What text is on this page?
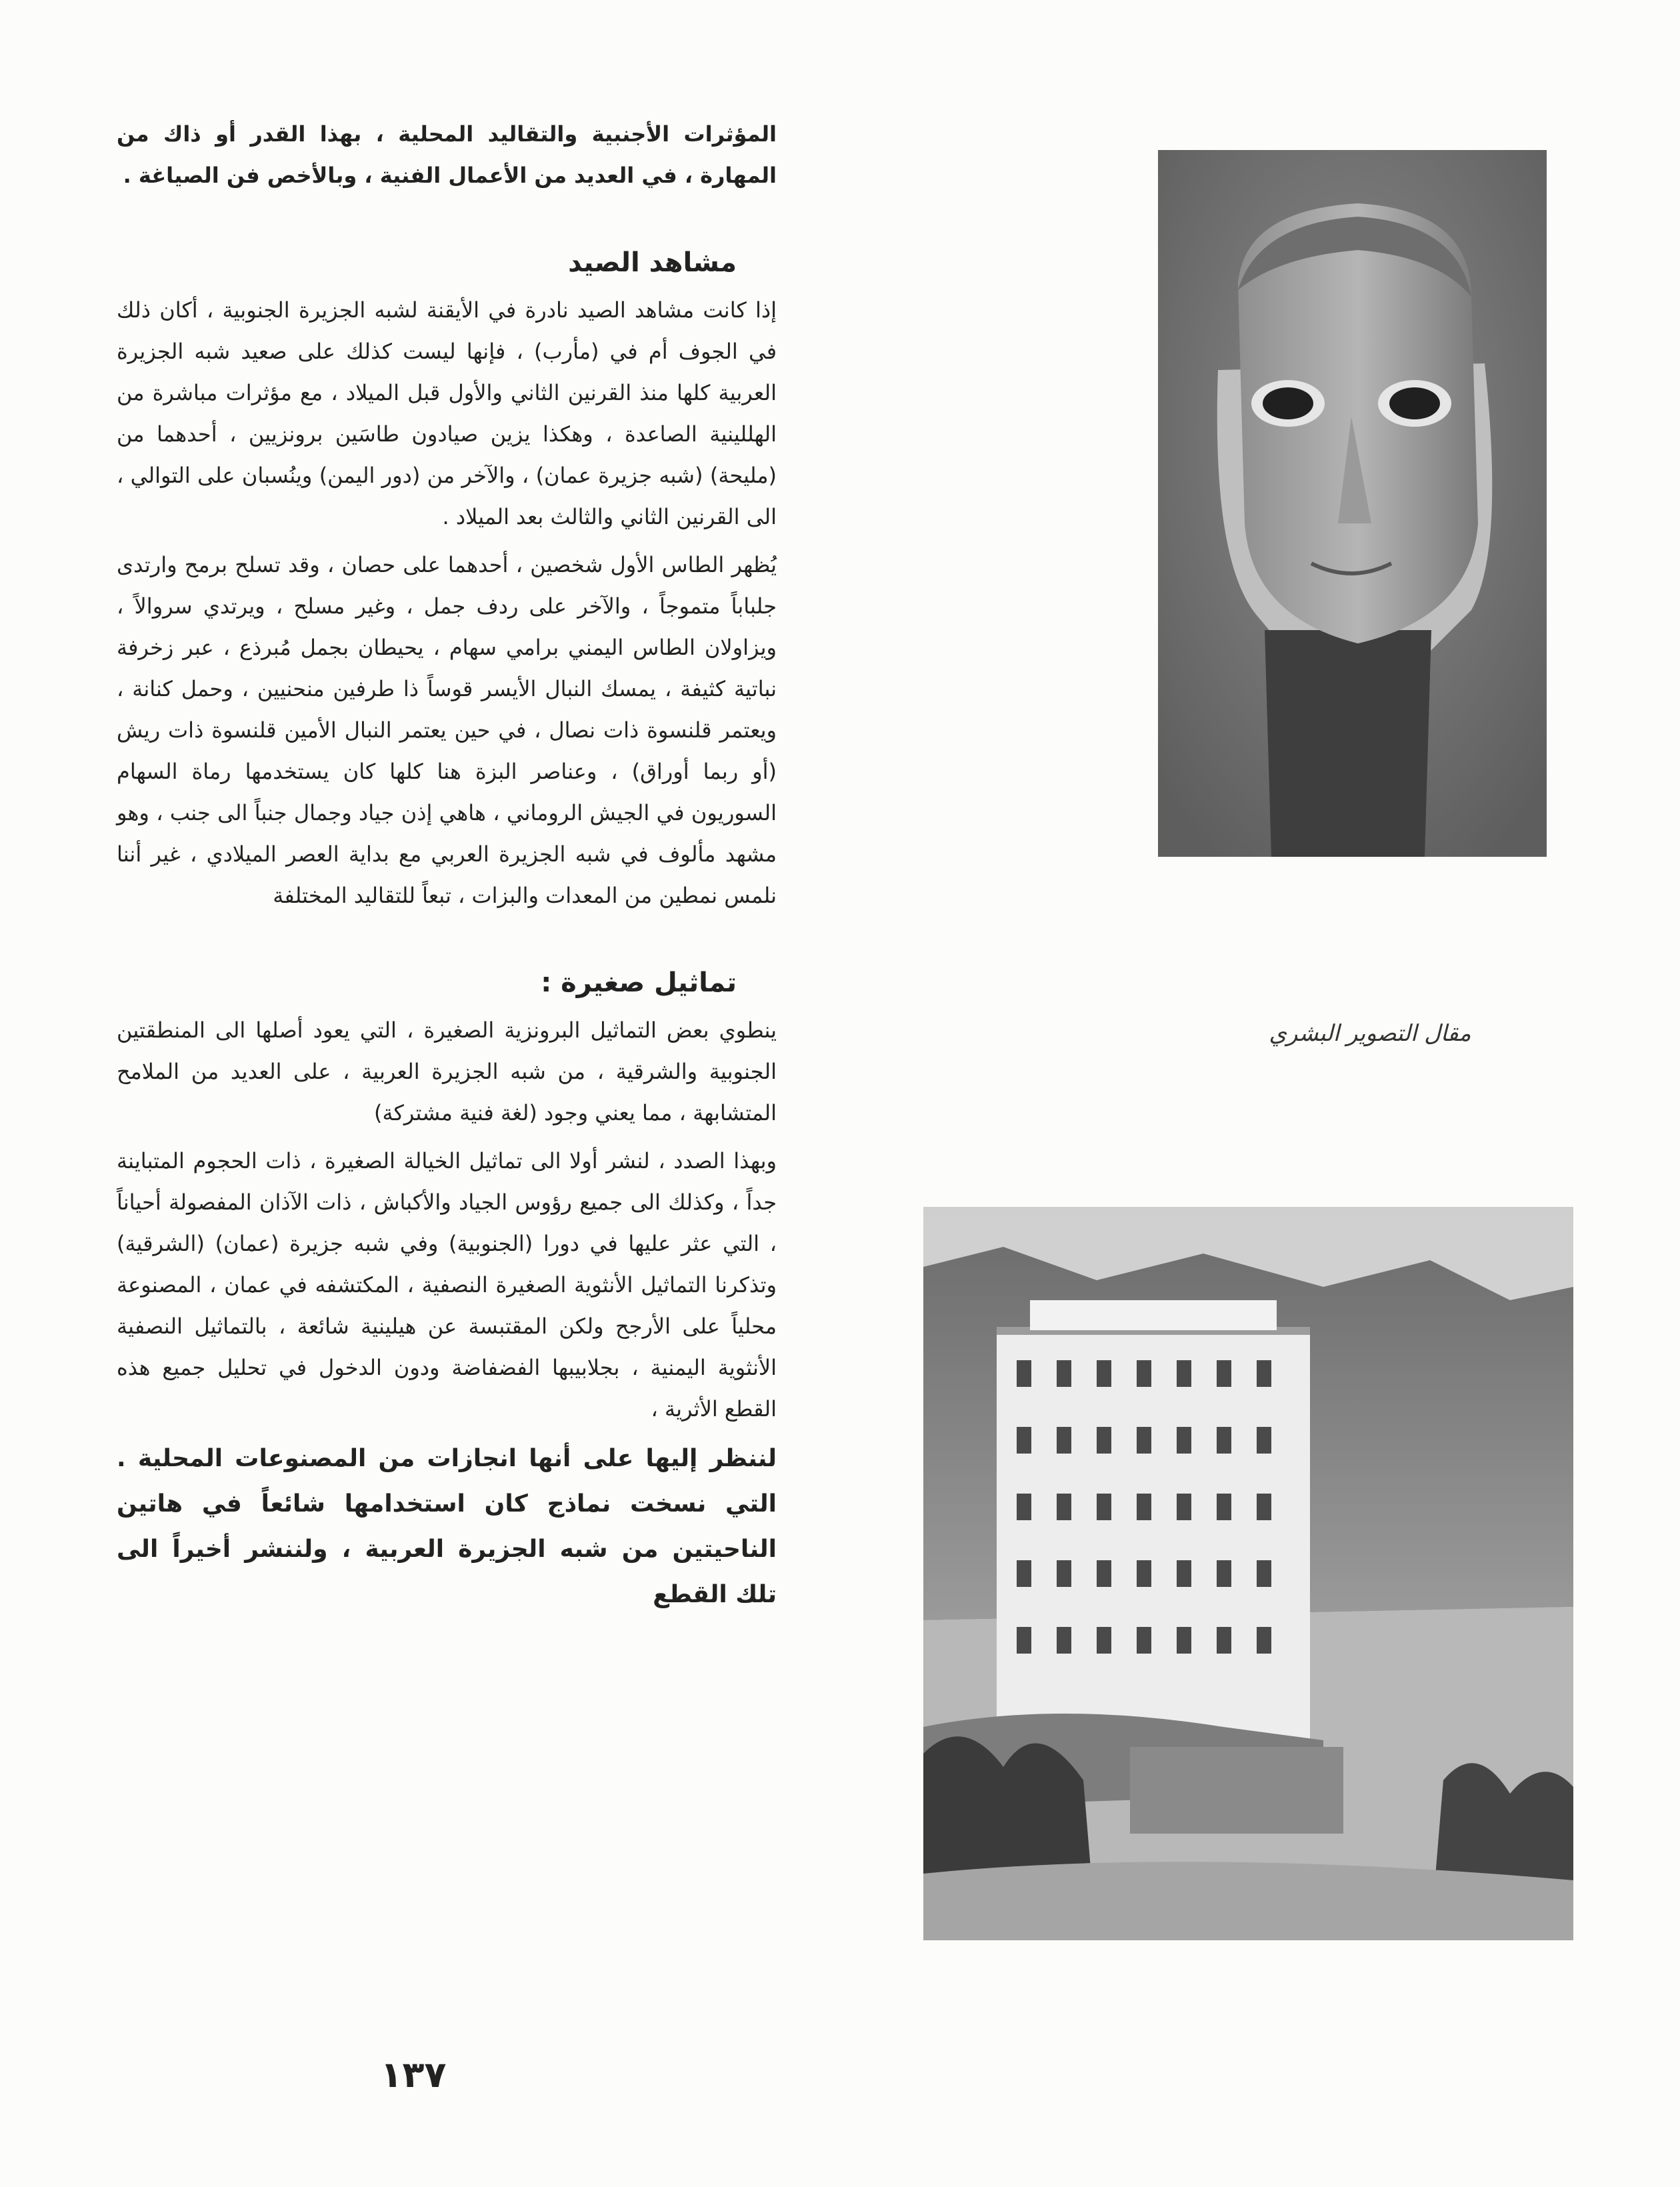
المؤثرات الأجنبية والتقاليد المحلية ، بهذا القدر أو ذاك من المهارة ، في العديد من الأعمال الفنية ، وبالأخص فن الصياغة .

مشاهد الصيد

إذا كانت مشاهد الصيد نادرة في الأيقنة لشبه الجزيرة الجنوبية ، أكان ذلك في الجوف أم في (مأرب) ، فإنها ليست كذلك على صعيد شبه الجزيرة العربية كلها منذ القرنين الثاني والأول قبل الميلاد ، مع مؤثرات مباشرة من الهللينية الصاعدة ، وهكذا يزين صيادون طاسَين برونزيين ، أحدهما من (مليحة) (شبه جزيرة عمان) ، والآخر من (دور اليمن) وينُسبان على التوالي ، الى القرنين الثاني والثالث بعد الميلاد .

يُظهر الطاس الأول شخصين ، أحدهما على حصان ، وقد تسلح برمح وارتدى جلباباً متموجاً ، والآخر على ردف جمل ، وغير مسلح ، ويرتدي سروالاً ، ويزاولان الطاس اليمني برامي سهام ، يحيطان بجمل مُبرذع ، عبر زخرفة نباتية كثيفة ، يمسك النبال الأيسر قوساً ذا طرفين منحنيين ، وحمل كنانة ، ويعتمر قلنسوة ذات نصال ، في حين يعتمر النبال الأمين قلنسوة ذات ريش (أو ربما أوراق) ، وعناصر البزة هنا كلها كان يستخدمها رماة السهام السوريون في الجيش الروماني ، هاهي إذن جياد وجمال جنباً الى جنب ، وهو مشهد مألوف في شبه الجزيرة العربي مع بداية العصر الميلادي ، غير أننا نلمس نمطين من المعدات والبزات ، تبعاً للتقاليد المختلفة

تماثيل صغيرة :

ينطوي بعض التماثيل البرونزية الصغيرة ، التي يعود أصلها الى المنطقتين الجنوبية والشرقية ، من شبه الجزيرة العربية ، على العديد من الملامح المتشابهة ، مما يعني وجود (لغة فنية مشتركة)

وبهذا الصدد ، لنشر أولا الى تماثيل الخيالة الصغيرة ، ذات الحجوم المتباينة جداً ، وكذلك الى جميع رؤوس الجياد والأكباش ، ذات الآذان المفصولة أحياناً ، التي عثر عليها في دورا (الجنوبية) وفي شبه جزيرة (عمان) (الشرقية) وتذكرنا التماثيل الأنثوية الصغيرة النصفية ، المكتشفه في عمان ، المصنوعة محلياً على الأرجح ولكن المقتبسة عن هيلينية شائعة ، بالتماثيل النصفية الأنثوية اليمنية ، بجلابيبها الفضفاضة ودون الدخول في تحليل جميع هذه القطع الأثرية ،

لننظر إليها على أنها انجازات من المصنوعات المحلية . التي نسخت نماذج كان استخدامها شائعاً في هاتين الناحيتين من شبه الجزيرة العربية ، ولننشر أخيراً الى تلك القطع

مقال التصوير البشري
١٣٧
